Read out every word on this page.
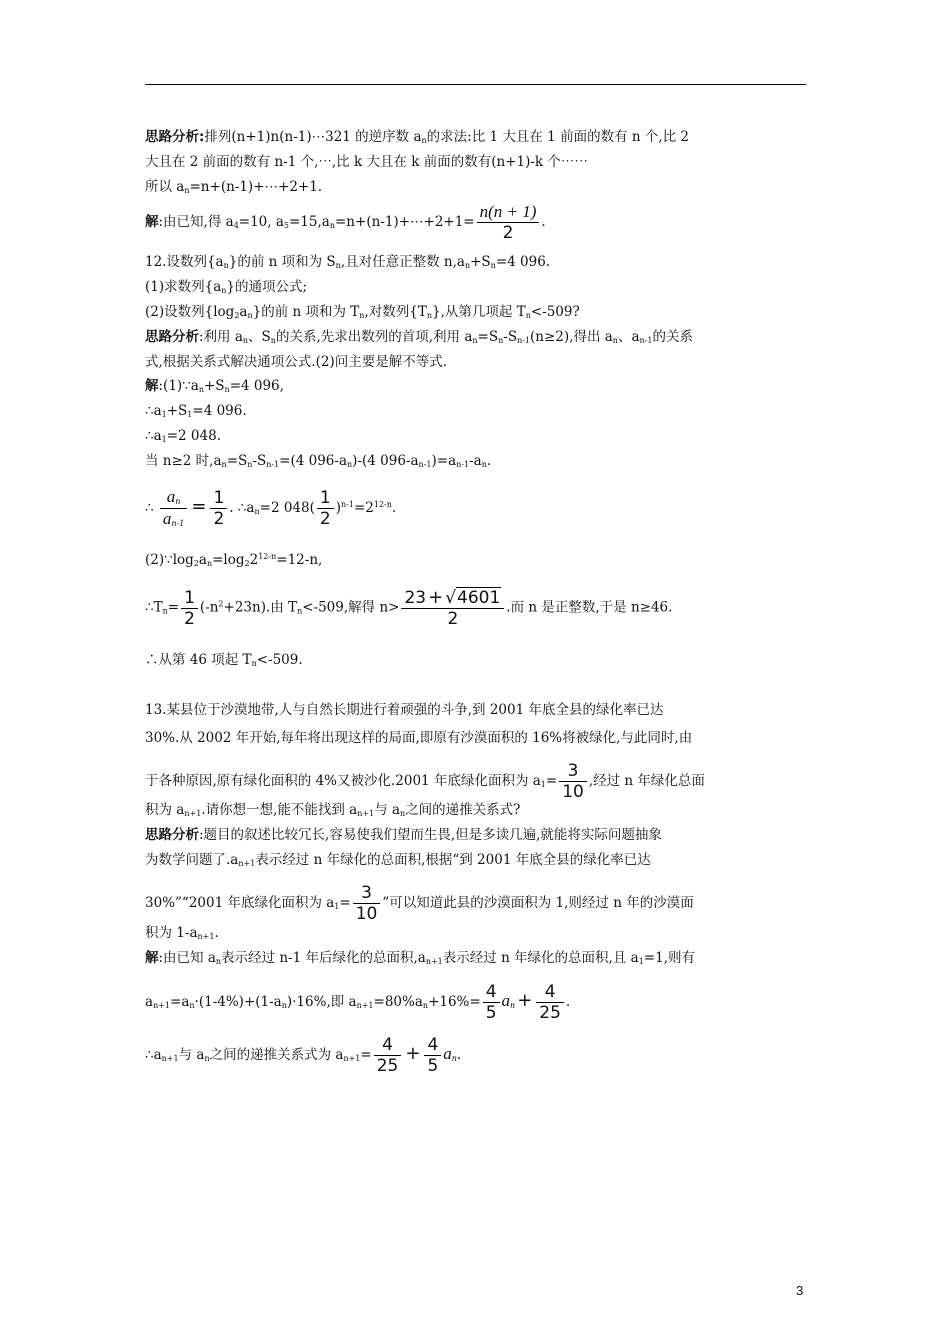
思路分析:排列(n+1)n(n-1)⋯321 的逆序数 $a_n$的求法:比 1 大且在 1 前面的数有 n 个,比 2
大且在 2 前面的数有 n-1 个,⋯,比 k 大且在 k 前面的数有(n+1)-k 个⋯⋯
所以 $a_n=n+(n-1)+\cdots+2+1$.
解:由已知,得 $a_4=10$, $a_5=15,a_n=n+(n-1)+\cdots+2+1= \frac{n(n + 1)}{2}$ .
12.设数列$\{a_n\}$的前 n 项和为 $S_n$,且对任意正整数 $n,a_n+S_n=4$ 096.
(1)求数列$\{a_n\}$的通项公式;
(2)设数列$\{\log_2a_n\}$的前 n 项和为 $T_n$,对数列$\{T_n\}$,从第几项起 $T_n<-509$?
思路分析:利用 $a_n$、$S_n$的关系,先求出数列的首项,利用 $a_n=S_n-S_{n-1}(n\ge 2)$,得出 $a_n$、$a_{n-1}$的关系
式,根据关系式解决通项公式.(2)问主要是解不等式.
解$:(1)\because a_n+S_n=4$ 096,
$\therefore a_1+S_1=4$ 096.
$\therefore a_1=2$ 048.
当 n≥2 时$,a_n=S_n-S_{n-1}=(4$ $096-a_n)-(4$ $096-a_{n-1})=a_{n-1}-a_n$.
∴ $\frac{a_n}{a_{n-1}} = \frac{1}{2}$ . $\therefore a_n=2$ $048( \frac{1}{2} )^{n-1}=2^{12-n}$.
$(2)\because\log_2a_n=\log_22^{12-n}=12-n$,
$\therefore T_n= \frac{1}{2} (-n^2+23n)$.由 $T_n<-509$,解得 $n> \frac{23 + √4601}{2}$ .而 n 是正整数,于是 n≥46.
∴从第 46 项起 $T_n<-509$.
13.某县位于沙漠地带,人与自然长期进行着顽强的斗争,到 2001 年底全县的绿化率已达
30%.从 2002 年开始,每年将出现这样的局面,即原有沙漠面积的 16%将被绿化,与此同时,由
于各种原因,原有绿化面积的 4%又被沙化.2001 年底绿化面积为 $a_1= \frac{3}{10}$ ,经过 n 年绿化总面
积为 $a_{n+1}$.请你想一想,能不能找到 $a_{n+1}$与 $a_n$之间的递推关系式?
思路分析:题目的叙述比较冗长,容易使我们望而生畏,但是多读几遍,就能将实际问题抽象
为数学问题了$.a_{n+1}$表示经过 n 年绿化的总面积,根据“到 2001 年底全县的绿化率已达
30%”“2001 年底绿化面积为 $a_1= \frac{3}{10}$ ”可以知道此县的沙漠面积为 1,则经过 n 年的沙漠面
积为 $1-a_{n+1}$.
解:由已知 $a_n$表示经过 n-1 年后绿化的总面积$,a_{n+1}$表示经过 n 年绿化的总面积,且 $a_1=1$,则有
$a_{n+1}=a_n\cdot(1-4\%)+(1-a_n)\cdot 16\%$,即 $a_{n+1}=80\%a_n+16\%= \frac{4}{5} a_n + \frac{4}{25}$ .
$\therefore a_{n+1}$与 $a_n$之间的递推关系式为 $a_{n+1}= \frac{4}{25} + \frac{4}{5} a_n$.
3
